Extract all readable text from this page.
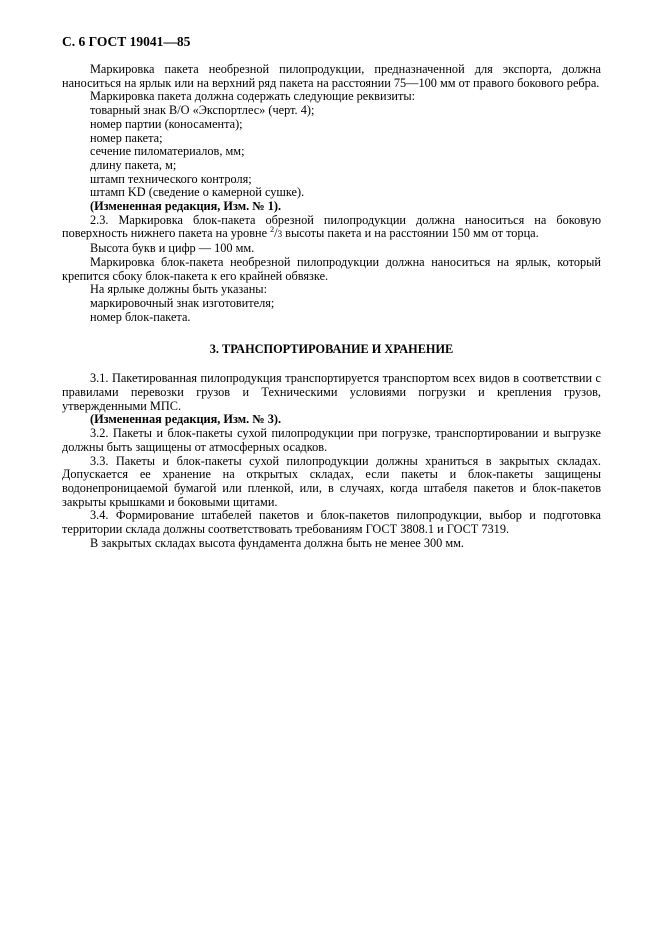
С. 6 ГОСТ 19041—85

Маркировка пакета необрезной пилопродукции, предназначенной для экспорта, должна наноситься на ярлык или на верхний ряд пакета на расстоянии 75—100 мм от правого бокового ребра.

Маркировка пакета должна содержать следующие реквизиты:

товарный знак В/О «Экспортлес» (черт. 4);

номер партии (коносамента);

номер пакета;

сечение пиломатериалов, мм;

длину пакета, м;

штамп технического контроля;

штамп KD (сведение о камерной сушке).

(Измененная редакция, Изм. № 1).

2.3. Маркировка блок-пакета обрезной пилопродукции должна наноситься на боковую поверхность нижнего пакета на уровне $^2$/3 высоты пакета и на расстоянии 150 мм от торца.

Высота букв и цифр — 100 мм.

Маркировка блок-пакета необрезной пилопродукции должна наноситься на ярлык, который крепится сбоку блок-пакета к его крайней обвязке.

На ярлыке должны быть указаны:

маркировочный знак изготовителя;

номер блок-пакета.

3. ТРАНСПОРТИРОВАНИЕ И ХРАНЕНИЕ

3.1. Пакетированная пилопродукция транспортируется транспортом всех видов в соответствии с правилами перевозки грузов и Техническими условиями погрузки и крепления грузов, утвержденными МПС.

(Измененная редакция, Изм. № 3).

3.2. Пакеты и блок-пакеты сухой пилопродукции при погрузке, транспортировании и выгрузке должны быть защищены от атмосферных осадков.

3.3. Пакеты и блок-пакеты сухой пилопродукции должны храниться в закрытых складах. Допускается ее хранение на открытых складах, если пакеты и блок-пакеты защищены водонепроницаемой бумагой или пленкой, или, в случаях, когда штабеля пакетов и блок-пакетов закрыты крышками и боковыми щитами.

3.4. Формирование штабелей пакетов и блок-пакетов пилопродукции, выбор и подготовка территории склада должны соответствовать требованиям ГОСТ 3808.1 и ГОСТ 7319.

В закрытых складах высота фундамента должна быть не менее 300 мм.
